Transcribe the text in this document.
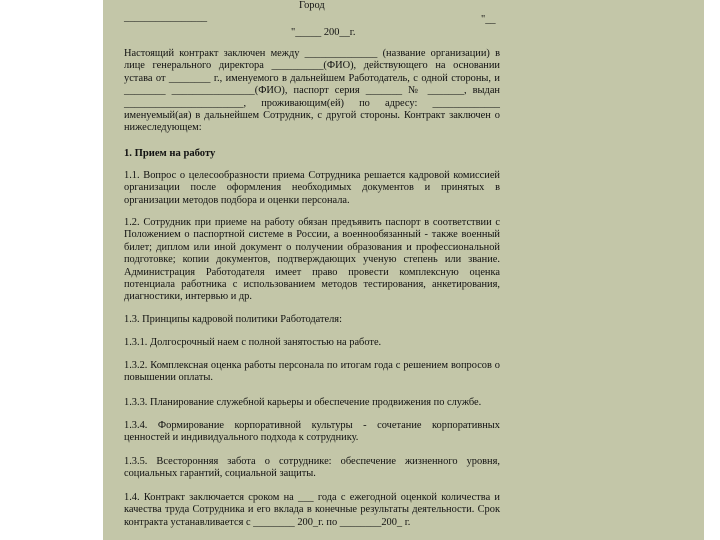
Город
________________	"__
"_____ 200__г.

Настоящий контракт заключен между ______________ (название организации) в лице генерального директора __________(ФИО), действующего на основании устава от ________ г., именуемого в дальнейшем Работодатель, с одной стороны, и ________ ________________(ФИО), паспорт серия _______ № _______, выдан _______________________, проживающим(ей) по адресу: _____________ именуемый(ая) в дальнейшем Сотрудник, с другой стороны. Контракт заключен о нижеследующем:

1. Прием на работу

1.1. Вопрос о целесообразности приема Сотрудника решается кадровой комиссией организации после оформления необходимых документов и принятых в организации методов подбора и оценки персонала.

1.2. Сотрудник при приеме на работу обязан предъявить паспорт в соответствии с Положением о паспортной системе в России, а военнообязанный - также военный билет; диплом или иной документ о получении образования и профессиональной подготовке; копии документов, подтверждающих ученую степень или звание. Администрация Работодателя имеет право провести комплексную оценка потенциала работника с использованием методов тестирования, анкетирования, диагностики, интервью и др.

1.3. Принципы кадровой политики Работодателя:

1.3.1. Долгосрочный наем с полной занятостью на работе.

1.3.2. Комплексная оценка работы персонала по итогам года с решением вопросов о повышении оплаты.

1.3.3. Планирование служебной карьеры и обеспечение продвижения по службе.

1.3.4. Формирование корпоративной культуры - сочетание корпоративных ценностей и индивидуального подхода к сотруднику.

1.3.5. Всесторонняя забота о сотруднике: обеспечение жизненного уровня, социальных гарантий, социальной защиты.

1.4. Контракт заключается сроком на ___ года с ежегодной оценкой количества и качества труда Сотрудника и его вклада в конечные результаты деятельности. Срок контракта устанавливается с ________ 200_г. по ________200_ г.
